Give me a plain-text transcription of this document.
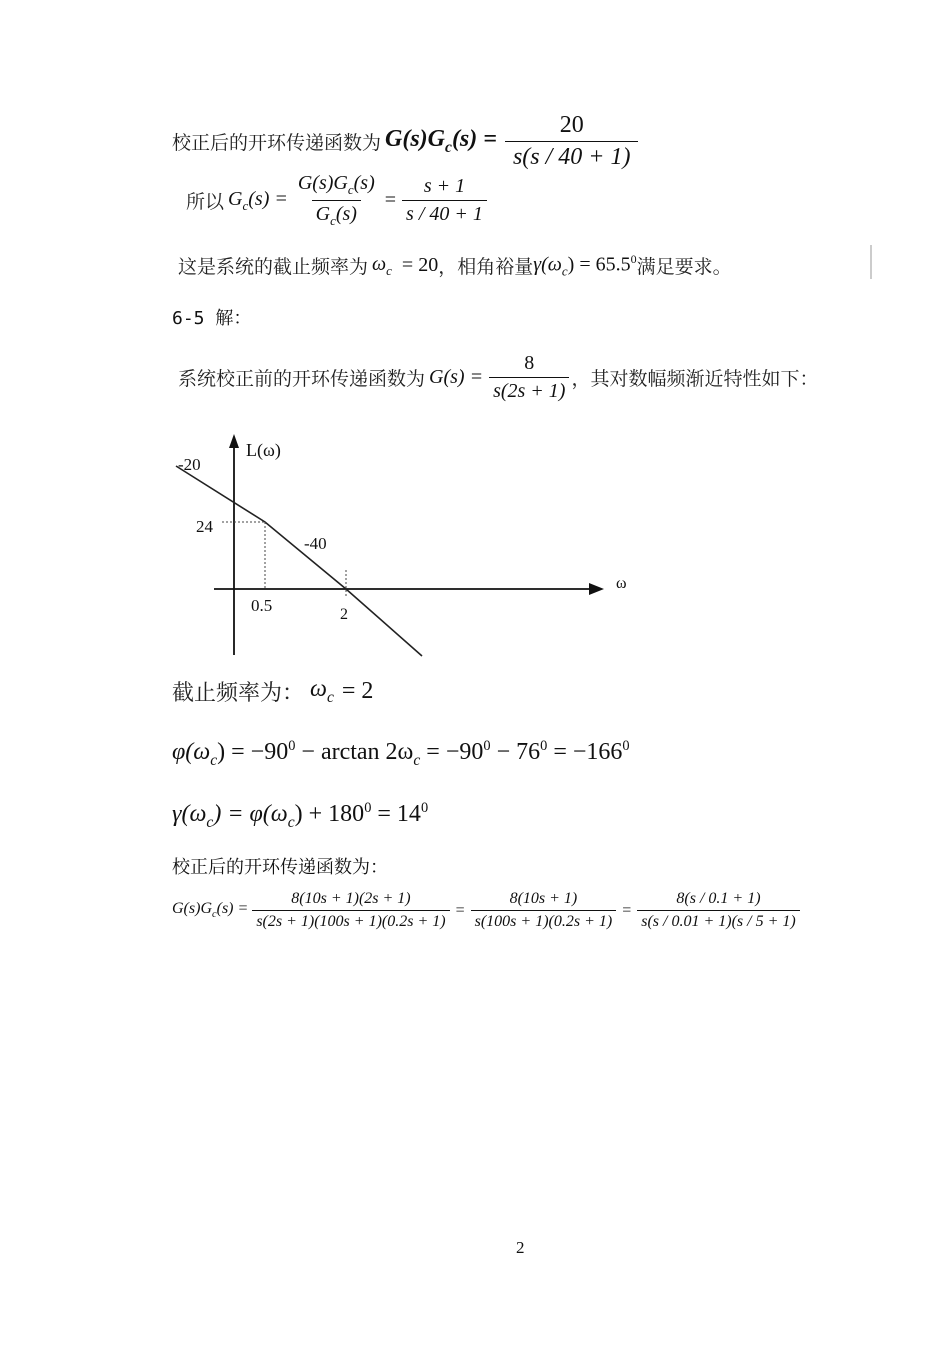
校正后的开环传递函数为 $G(s)G_c(s) = \frac{20}{s(s / 40 + 1)}$
所以 $G_c(s) = \frac{G(s)G_c(s)}{G_c(s)} = \frac{s + 1}{s / 40 + 1}$
这是系统的截止频率为 $\omega_c = 20$ ，相角裕量 $\gamma(\omega_c) = 65.5^0$ 满足要求。
6-5 解：
系统校正前的开环传递函数为 $G(s) = \frac{8}{s(2s + 1)}$ ，其对数幅频渐近特性如下：
L(ω)
ω
-20
-40
24
0.5	2
截止频率为： $\omega_c = 2$
$\varphi(\omega_c) = -90^0 - \arctan 2\omega_c = -90^0 - 76^0 = -166^0$
$\gamma(\omega_c) = \varphi(\omega_c) + 180^0 = 14^0$
校正后的开环传递函数为：
$G(s)G_c(s) = \frac{8(10s + 1)(2s + 1)}{s(2s + 1)(100s + 1)(0.2s + 1)} = \frac{8(10s + 1)}{s(100s + 1)(0.2s + 1)} = \frac{8(s / 0.1 + 1)}{s(s / 0.01 + 1)(s / 5 + 1)}$
2
